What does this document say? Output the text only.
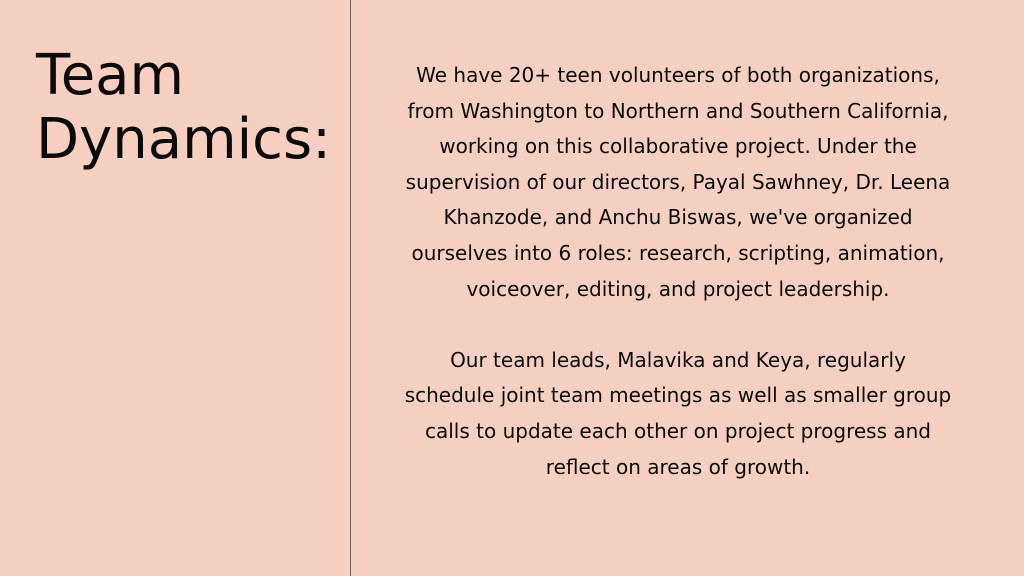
Team
Dynamics:

We have 20+ teen volunteers of both organizations, from Washington to Northern and Southern California, working on this collaborative project. Under the supervision of our directors, Payal Sawhney, Dr. Leena Khanzode, and Anchu Biswas, we've organized ourselves into 6 roles: research, scripting, animation, voiceover, editing, and project leadership.

Our team leads, Malavika and Keya, regularly schedule joint team meetings as well as smaller group calls to update each other on project progress and reflect on areas of growth.
